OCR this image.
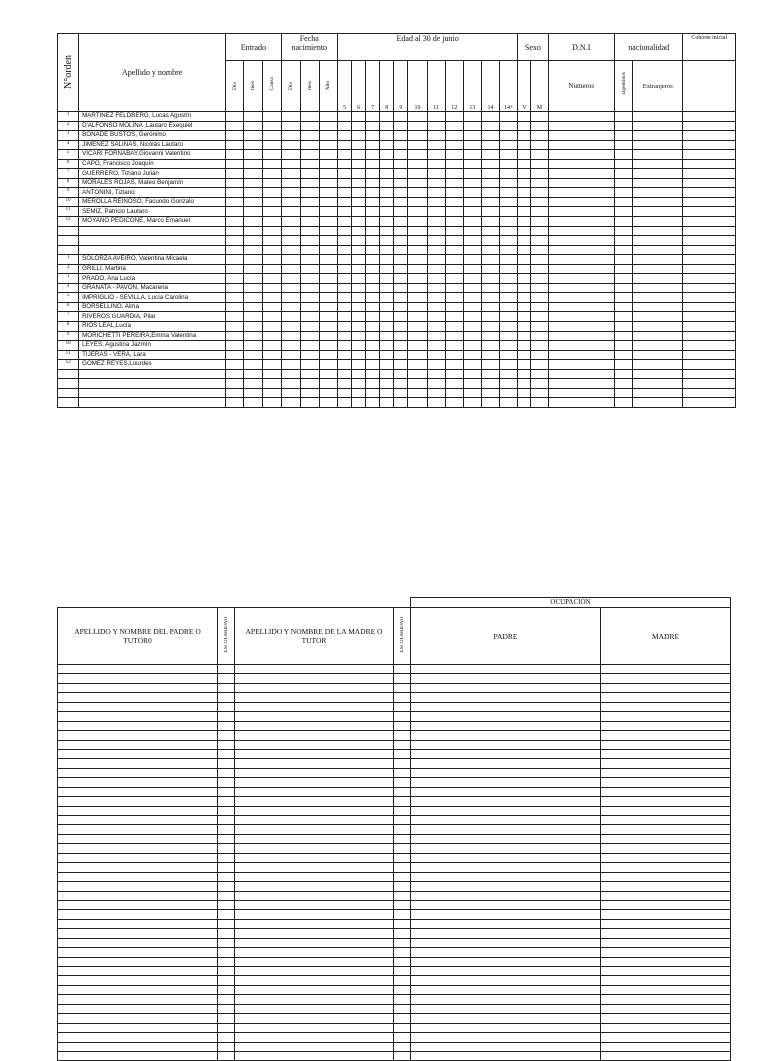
N°orden	Apellido y nombre	Entrado			Fecha nacimiento			Edad al 30 de junio											Sexo		D.N.I	nacionalidad		Cohorte inicial
		Día	mes	Causa	Día	mes	Año	5	6	7	8	9	10	11	12	13	14	14+	V	M	Numeros	argentinos	Extranjeros	
1	MARTINEZ FELDBERG, Lucas Agustín																							
2	D'ALFONSO MOLINA ,Lautaro Exequiel																							
3	BONADÉ BUSTOS, Gerónimo																							
4	JIMENEZ SALINAS, Nicolás Lautaro																							
5	VICARI FORNABAY,Giovanni Valentino																							
6	CAPÓ, Francisco Joaquín																							
7	GUERRERO, Tiziano Julián																							
8	MORALES ROJAS, Mateo Benjamín																							
9	ANTONINI, Tiziano																							
10	MEROLLA REINOSO, Facundo Gonzalo																							
11	SEMIZ, Patricio Lautaro																							
12	MOYANO PEDICONE, Marco Emanuel																							

1	SOLORZA AVEIRO, Valentina Micaela																							
2	GRILLI, Martina																							
3	PRADO, Ana Lucía																							
4	GRANATA - PAVÓN, Macarena																							
5	IMPRIGLIO - SEVILLA, Lucía Carolina																							
6	BORSELLINO, Alma																							
7	RIVEROS GUARDIA, Pilar																							
8	RIOS LEAL,Lucía																							
9	MORICHETTI PEREIRA,Emma Valentina																							
10	LEYES, Agustina Jazmín																							
11	TIJERAS - VERA, Lara																							
12	GOMEZ REYES,Lourdes																							

				OCUPACIÓN	
APELLIDO Y NOMBRE DEL PADRE O TUTOR0	ESCOLARIDAD	APELLIDO Y NOMBRE DE LA MADRE O TUTOR	ESCOLARIDAD	PADRE	MADRE
